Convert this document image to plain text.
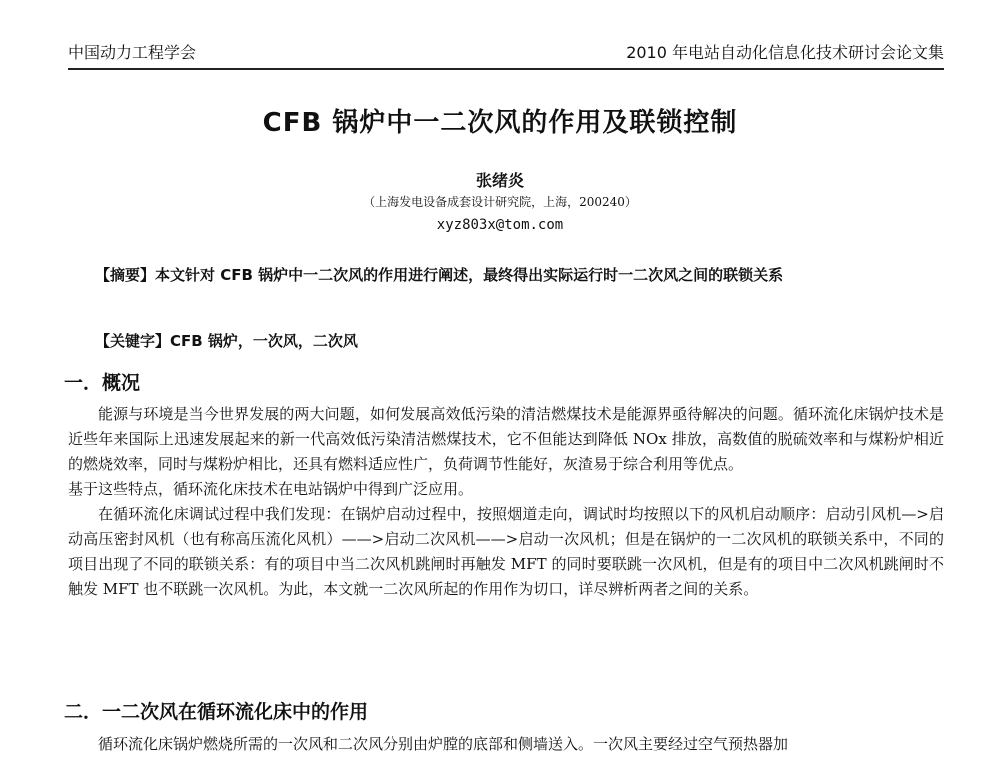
中国动力工程学会	2010 年电站自动化信息化技术研讨会论文集
CFB 锅炉中一二次风的作用及联锁控制
张绪炎
（上海发电设备成套设计研究院，上海，200240）
xyz803x@tom.com
【摘要】本文针对 CFB 锅炉中一二次风的作用进行阐述，最终得出实际运行时一二次风之间的联锁关系
【关键字】CFB 锅炉，一次风，二次风
一．概况

能源与环境是当今世界发展的两大问题，如何发展高效低污染的清洁燃煤技术是能源界亟待解决的问题。循环流化床锅炉技术是近些年来国际上迅速发展起来的新一代高效低污染清洁燃煤技术，它不但能达到降低 NOx 排放，高数值的脱硫效率和与煤粉炉相近的燃烧效率，同时与煤粉炉相比，还具有燃料适应性广，负荷调节性能好，灰渣易于综合利用等优点。

基于这些特点，循环流化床技术在电站锅炉中得到广泛应用。

在循环流化床调试过程中我们发现：在锅炉启动过程中，按照烟道走向，调试时均按照以下的风机启动顺序：启动引风机—>启动高压密封风机（也有称高压流化风机）——>启动二次风机——>启动一次风机；但是在锅炉的一二次风机的联锁关系中，不同的项目出现了不同的联锁关系：有的项目中当二次风机跳闸时再触发 MFT 的同时要联跳一次风机，但是有的项目中二次风机跳闸时不触发 MFT 也不联跳一次风机。为此，本文就一二次风所起的作用作为切口，详尽辨析两者之间的关系。

二．一二次风在循环流化床中的作用

循环流化床锅炉燃烧所需的一次风和二次风分别由炉膛的底部和侧墙送入。一次风主要经过空气预热器加
